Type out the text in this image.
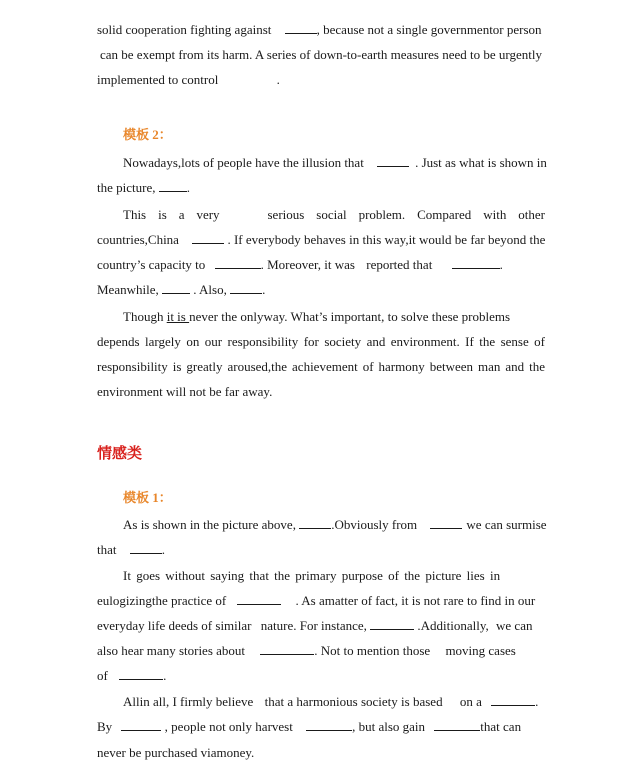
solid cooperation fighting against	, because not a single governmentor person
can be exempt from its harm. A series of down-to-earth measures need to be urgently
implemented to control	.
模板 2：
Nowadays,lots of people have the illusion that	. Just as what is shown in
the picture, .
This is a very	serious social problem. Compared with other
countries,China	. If everybody behaves in this way,it would be far beyond the
country’s capacity to	. Moreover, it was reported that	.
Meanwhile,	. Also,	.
Though it is never the onlyway. What’s important, to solve these problems
depends largely on our responsibility for society and environment. If the sense of
responsibility is greatly aroused,the achievement of harmony between man and the
environment will not be far away.
情感类
模板 1：
As is shown in the picture above,	.Obviously from	we can surmise
that	.
It goes without saying that the primary purpose of the picture lies in
eulogizingthe practice of	. As amatter of fact, it is not rare to find in our
everyday life deeds of similar nature. For instance,	.Additionally, we can
also hear many stories about	. Not to mention those moving cases
of	.
Allin all, I firmly believe that a harmonious society is based on a	.
By	, people not only harvest	, but also gain	that can
never be purchased viamoney.
